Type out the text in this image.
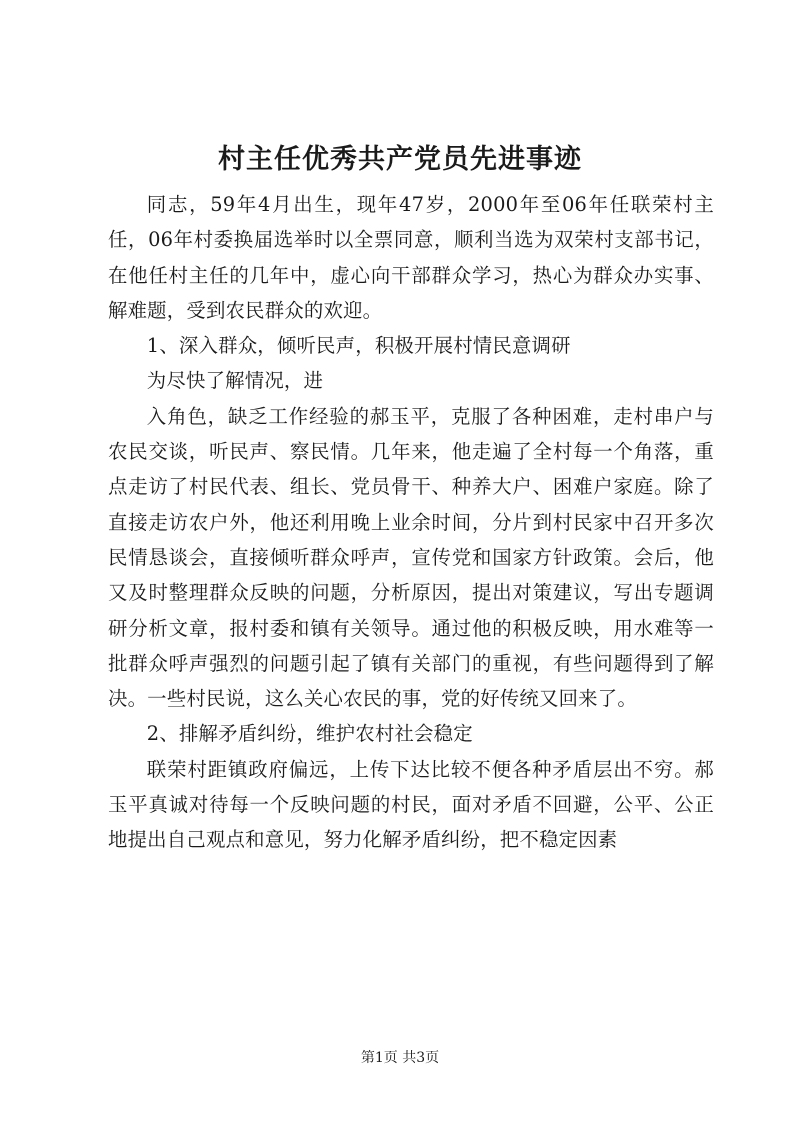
村主任优秀共产党员先进事迹

同志，59年4月出生，现年47岁，2000年至06年任联荣村主任，06年村委换届选举时以全票同意，顺利当选为双荣村支部书记，在他任村主任的几年中，虚心向干部群众学习，热心为群众办实事、解难题，受到农民群众的欢迎。

1、深入群众，倾听民声，积极开展村情民意调研

为尽快了解情况，进

入角色，缺乏工作经验的郝玉平，克服了各种困难，走村串户与农民交谈，听民声、察民情。几年来，他走遍了全村每一个角落，重点走访了村民代表、组长、党员骨干、种养大户、困难户家庭。除了直接走访农户外，他还利用晚上业余时间，分片到村民家中召开多次民情恳谈会，直接倾听群众呼声，宣传党和国家方针政策。会后，他又及时整理群众反映的问题，分析原因，提出对策建议，写出专题调研分析文章，报村委和镇有关领导。通过他的积极反映，用水难等一批群众呼声强烈的问题引起了镇有关部门的重视，有些问题得到了解决。一些村民说，这么关心农民的事，党的好传统又回来了。

2、排解矛盾纠纷，维护农村社会稳定

联荣村距镇政府偏远，上传下达比较不便各种矛盾层出不穷。郝玉平真诚对待每一个反映问题的村民，面对矛盾不回避，公平、公正地提出自己观点和意见，努力化解矛盾纠纷，把不稳定因素

第1页 共3页
